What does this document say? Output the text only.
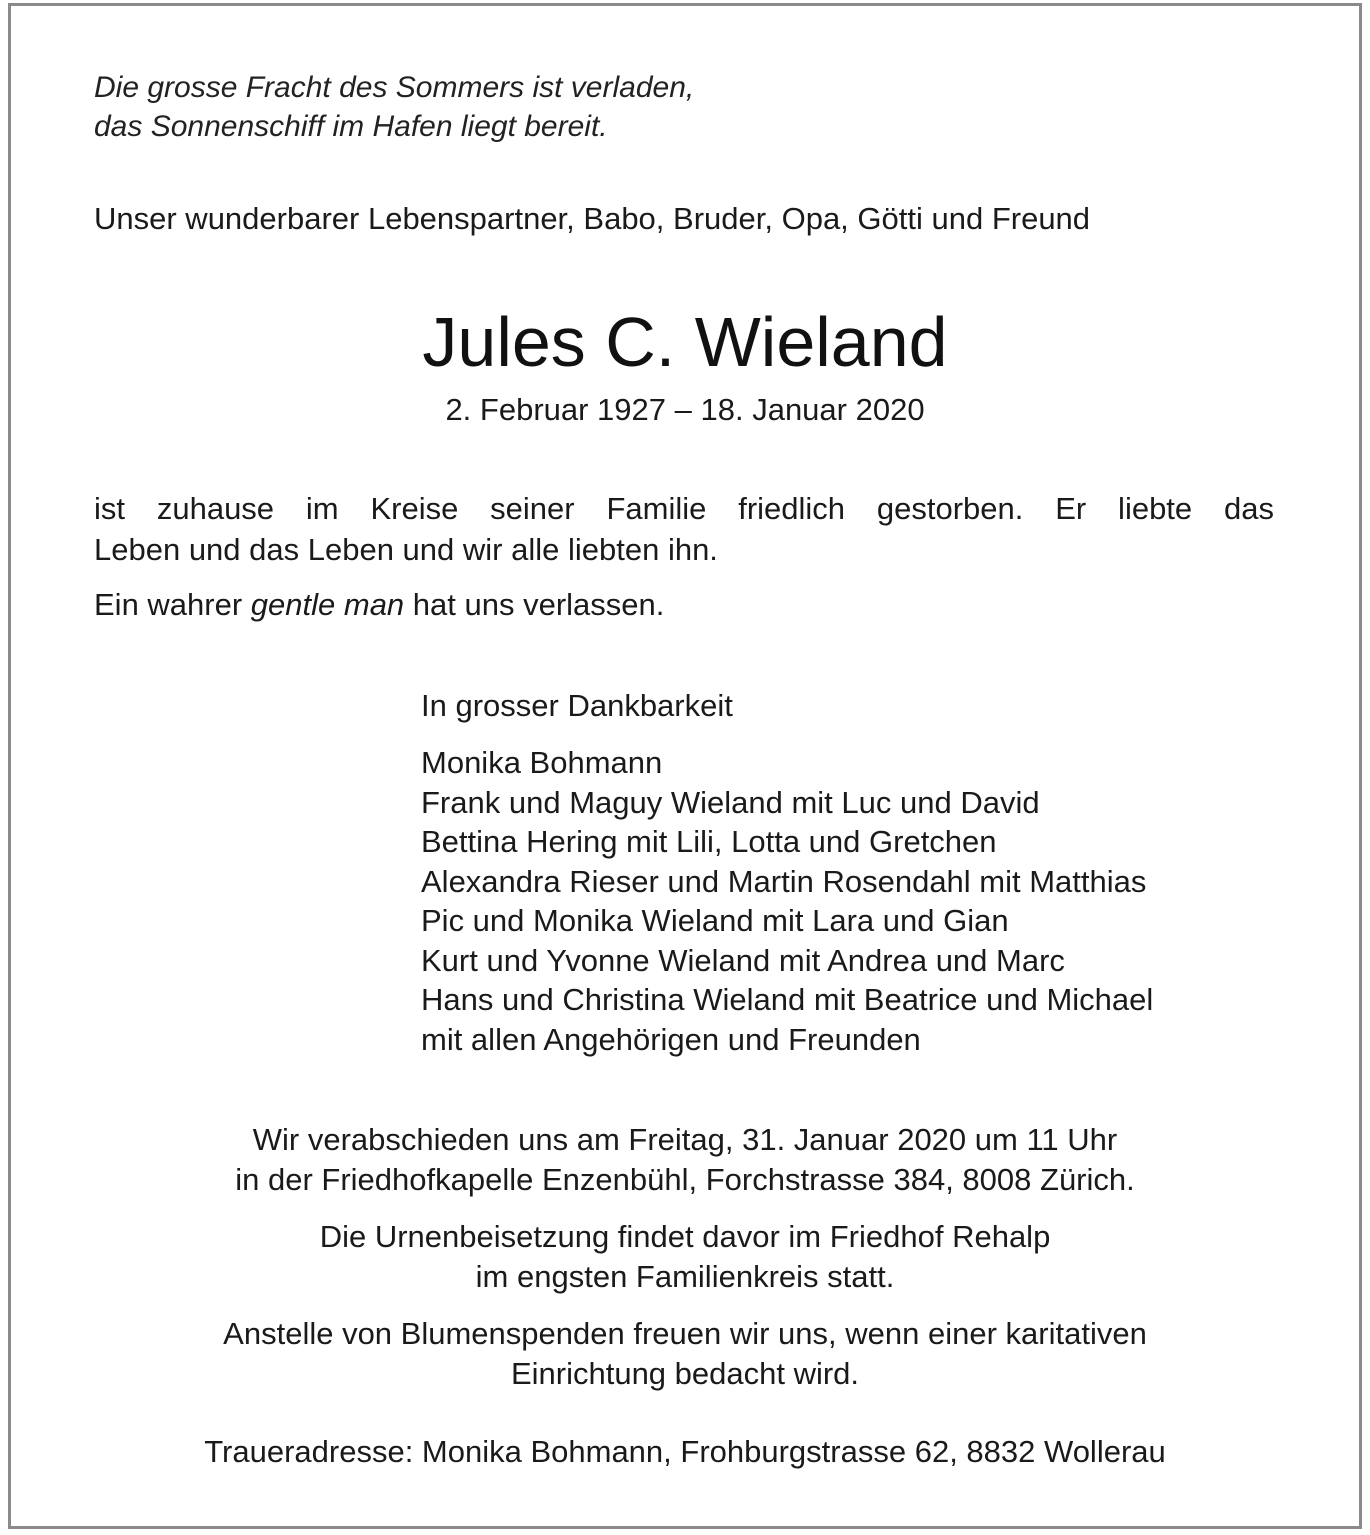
Die grosse Fracht des Sommers ist verladen,
das Sonnenschiff im Hafen liegt bereit.

Unser wunderbarer Lebenspartner, Babo, Bruder, Opa, Götti und Freund

Jules C. Wieland

2. Februar 1927 – 18. Januar 2020

ist zuhause im Kreise seiner Familie friedlich gestorben. Er liebte das
Leben und das Leben und wir alle liebten ihn.

Ein wahrer gentle man hat uns verlassen.

In grosser Dankbarkeit

Monika Bohmann
Frank und Maguy Wieland mit Luc und David
Bettina Hering mit Lili, Lotta und Gretchen
Alexandra Rieser und Martin Rosendahl mit Matthias
Pic und Monika Wieland mit Lara und Gian
Kurt und Yvonne Wieland mit Andrea und Marc
Hans und Christina Wieland mit Beatrice und Michael
mit allen Angehörigen und Freunden
Wir verabschieden uns am Freitag, 31. Januar 2020 um 11 Uhr
in der Friedhofkapelle Enzenbühl, Forchstrasse 384, 8008 Zürich.
Die Urnenbeisetzung findet davor im Friedhof Rehalp
im engsten Familienkreis statt.
Anstelle von Blumenspenden freuen wir uns, wenn einer karitativen
Einrichtung bedacht wird.

Traueradresse: Monika Bohmann, Frohburgstrasse 62, 8832 Wollerau
